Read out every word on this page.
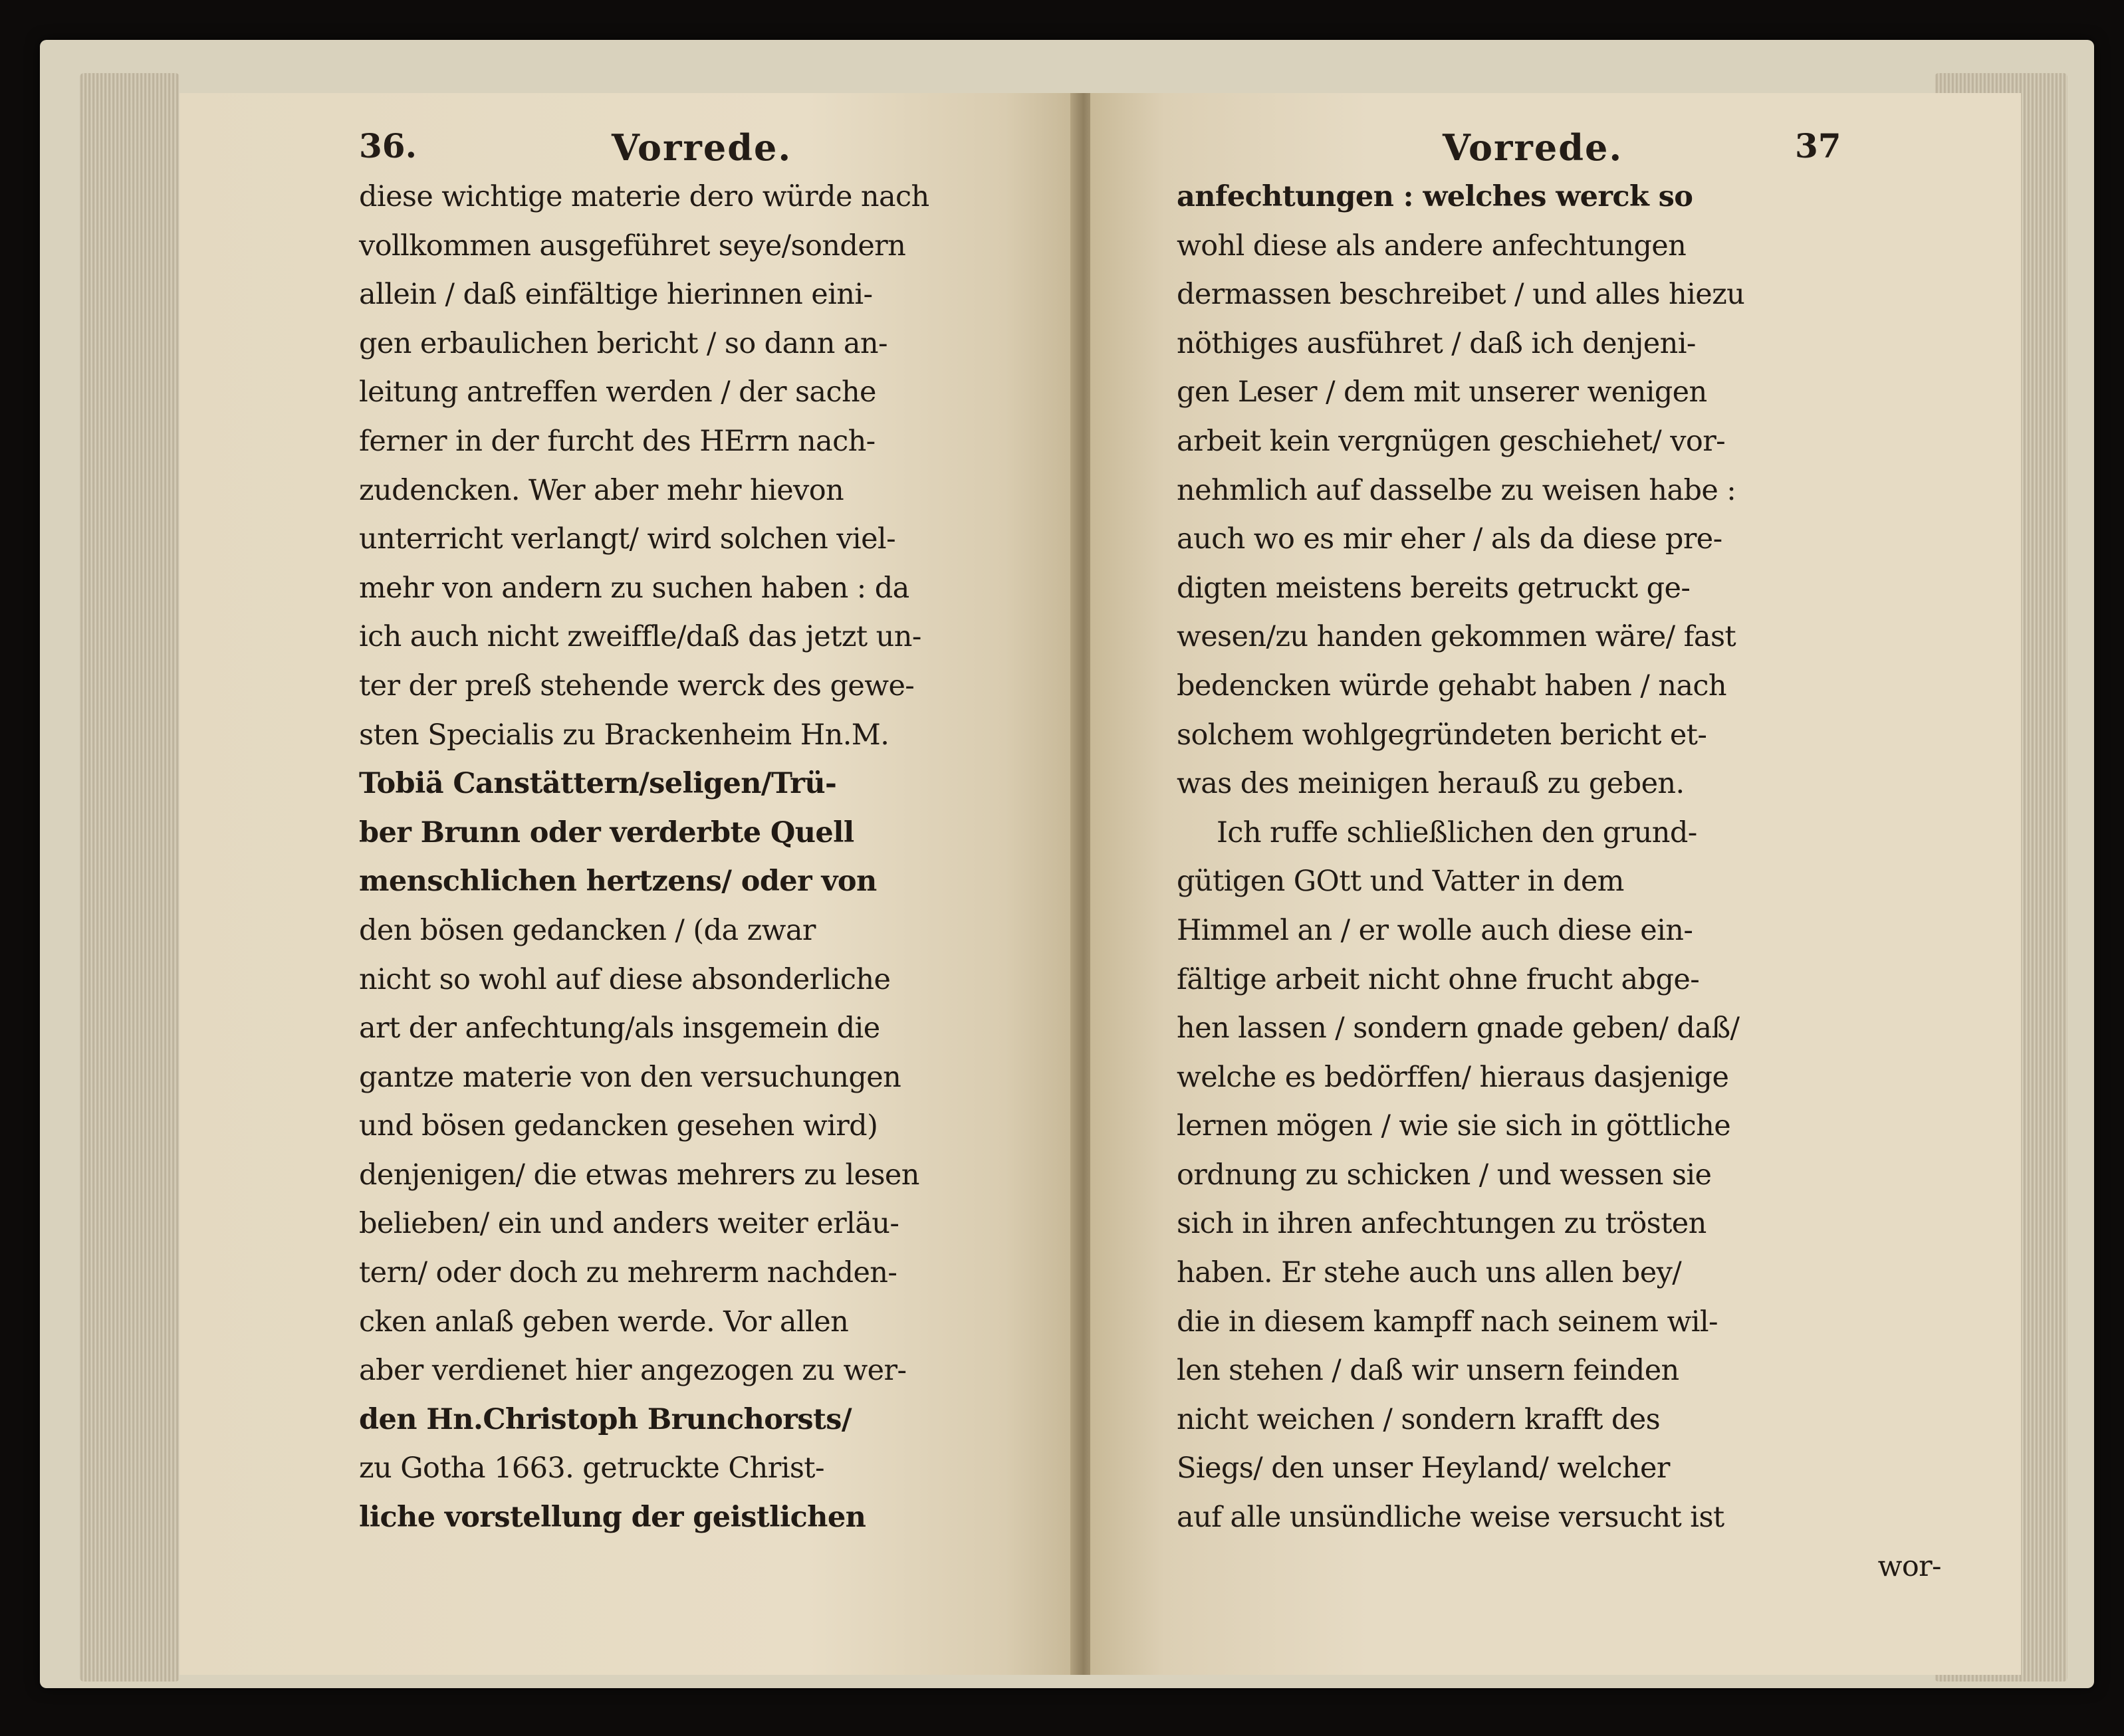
36.	Vorrede.
diese wichtige materie dero würde nach
vollkommen ausgeführet seye/sondern
allein / daß einfältige hierinnen eini-
gen erbaulichen bericht / so dann an-
leitung antreffen werden / der sache
ferner in der furcht des HErrn nach-
zudencken. Wer aber mehr hievon
unterricht verlangt/ wird solchen viel-
mehr von andern zu suchen haben : da
ich auch nicht zweiffle/daß das jetzt un-
ter der preß stehende werck des gewe-
sten Specialis zu Brackenheim Hn.M.
Tobiä Canstättern/seligen/Trü-
ber Brunn oder verderbte Quell
menschlichen hertzens/ oder von
den bösen gedancken / (da zwar
nicht so wohl auf diese absonderliche
art der anfechtung/als insgemein die
gantze materie von den versuchungen
und bösen gedancken gesehen wird)
denjenigen/ die etwas mehrers zu lesen
belieben/ ein und anders weiter erläu-
tern/ oder doch zu mehrerm nachden-
cken anlaß geben werde. Vor allen
aber verdienet hier angezogen zu wer-
den Hn.Christoph Brunchorsts/
zu Gotha 1663. getruckte Christ-
liche vorstellung der geistlichen
Vorrede.	37
anfechtungen : welches werck so
wohl diese als andere anfechtungen
dermassen beschreibet / und alles hiezu
nöthiges ausführet / daß ich denjeni-
gen Leser / dem mit unserer wenigen
arbeit kein vergnügen geschiehet/ vor-
nehmlich auf dasselbe zu weisen habe :
auch wo es mir eher / als da diese pre-
digten meistens bereits getruckt ge-
wesen/zu handen gekommen wäre/ fast
bedencken würde gehabt haben / nach
solchem wohlgegründeten bericht et-
was des meinigen herauß zu geben.
Ich ruffe schließlichen den grund-
gütigen GOtt und Vatter in dem
Himmel an / er wolle auch diese ein-
fältige arbeit nicht ohne frucht abge-
hen lassen / sondern gnade geben/ daß/
welche es bedörffen/ hieraus dasjenige
lernen mögen / wie sie sich in göttliche
ordnung zu schicken / und wessen sie
sich in ihren anfechtungen zu trösten
haben. Er stehe auch uns allen bey/
die in diesem kampff nach seinem wil-
len stehen / daß wir unsern feinden
nicht weichen / sondern krafft des
Siegs/ den unser Heyland/ welcher
auf alle unsündliche weise versucht ist
wor-
